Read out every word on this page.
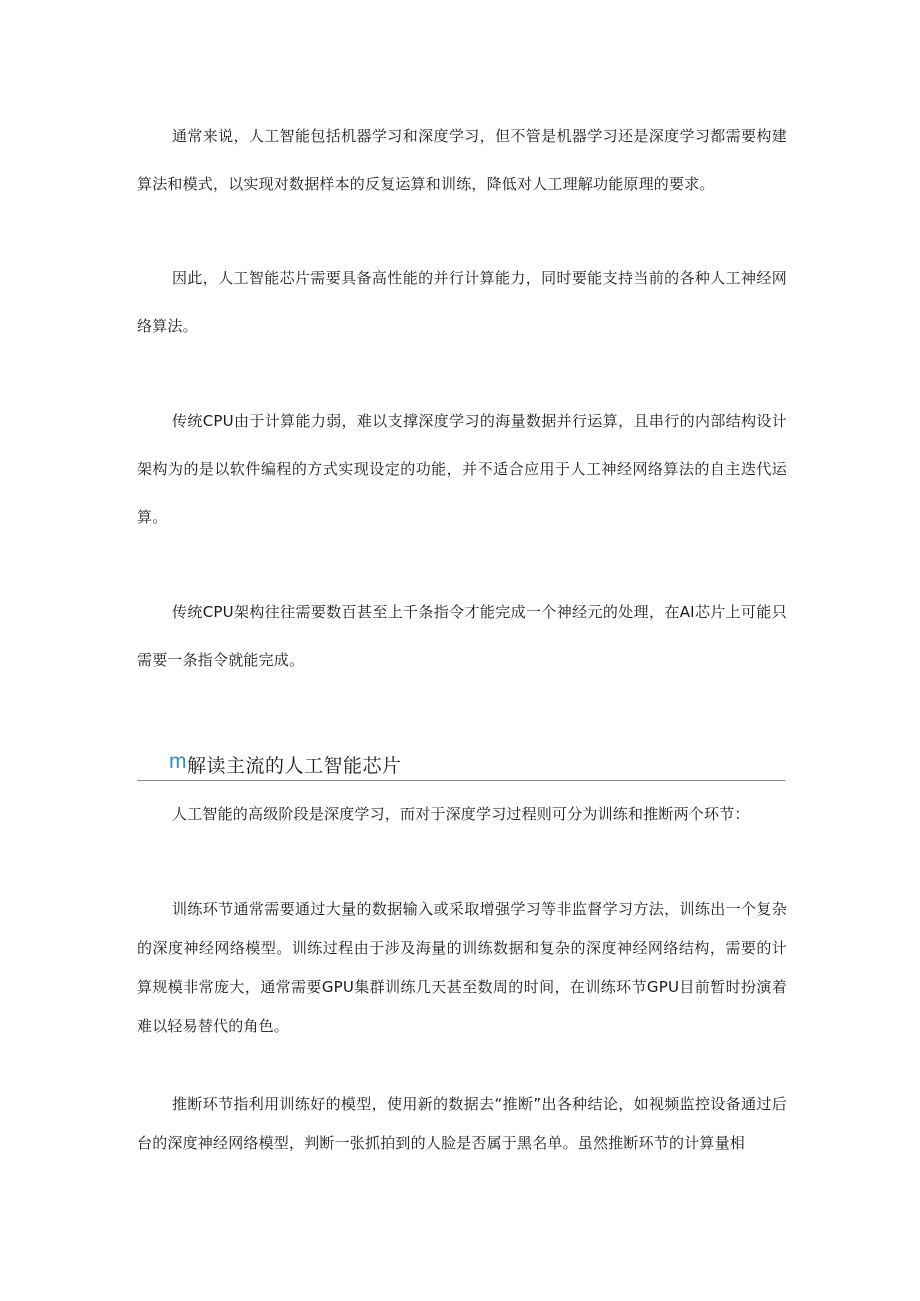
通常来说，人工智能包括机器学习和深度学习，但不管是机器学习还是深度学习都需要构建算法和模式，以实现对数据样本的反复运算和训练，降低对人工理解功能原理的要求。

因此，人工智能芯片需要具备高性能的并行计算能力，同时要能支持当前的各种人工神经网络算法。

传统CPU由于计算能力弱，难以支撑深度学习的海量数据并行运算，且串行的内部结构设计架构为的是以软件编程的方式实现设定的功能，并不适合应用于人工神经网络算法的自主迭代运算。

传统CPU架构往往需要数百甚至上千条指令才能完成一个神经元的处理，在AI芯片上可能只需要一条指令就能完成。

m 解读主流的人工智能芯片

人工智能的高级阶段是深度学习，而对于深度学习过程则可分为训练和推断两个环节：

训练环节通常需要通过大量的数据输入或采取增强学习等非监督学习方法，训练出一个复杂的深度神经网络模型。训练过程由于涉及海量的训练数据和复杂的深度神经网络结构，需要的计算规模非常庞大，通常需要GPU集群训练几天甚至数周的时间，在训练环节GPU目前暂时扮演着难以轻易替代的角色。

推断环节指利用训练好的模型，使用新的数据去“推断”出各种结论，如视频监控设备通过后台的深度神经网络模型，判断一张抓拍到的人脸是否属于黑名单。虽然推断环节的计算量相
